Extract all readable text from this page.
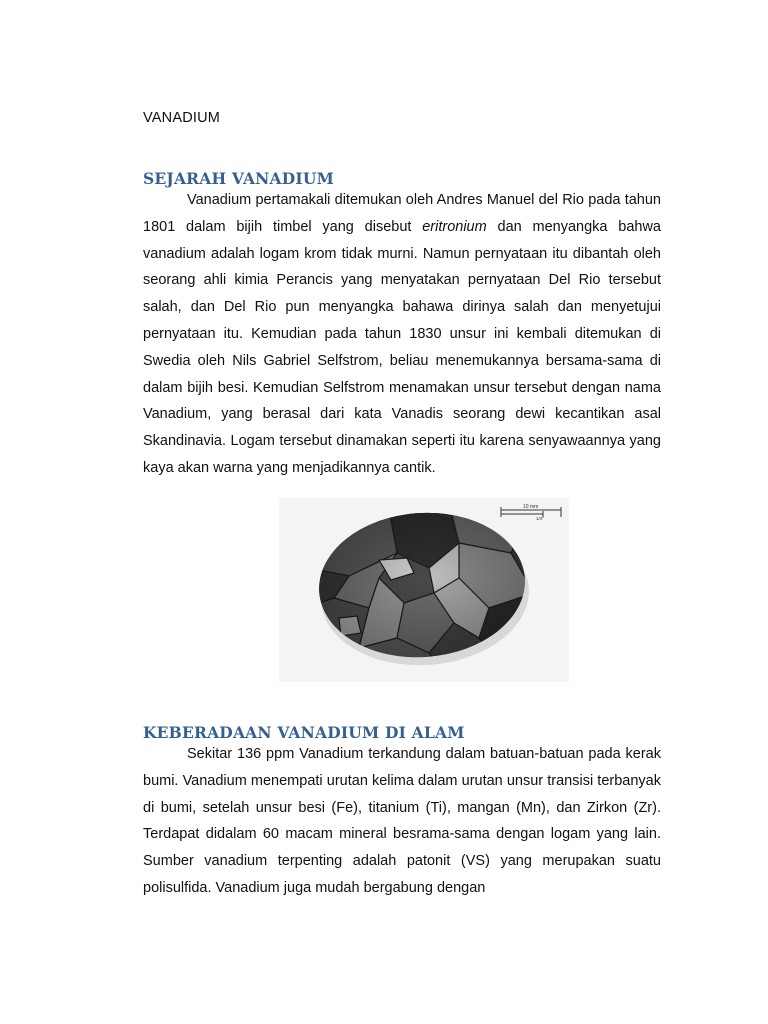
VANADIUM
SEJARAH VANADIUM

Vanadium pertamakali ditemukan oleh Andres Manuel del Rio pada tahun 1801 dalam bijih timbel yang disebut eritronium dan menyangka bahwa vanadium adalah logam krom tidak murni. Namun pernyataan itu dibantah oleh seorang ahli kimia Perancis yang menyatakan pernyataan Del Rio tersebut salah, dan Del Rio pun menyangka bahawa dirinya salah dan menyetujui pernyataan itu. Kemudian pada tahun 1830 unsur ini kembali ditemukan di Swedia oleh Nils Gabriel Selfstrom, beliau menemukannya bersama-sama di dalam bijih besi. Kemudian Selfstrom menamakan unsur tersebut dengan nama Vanadium, yang berasal dari kata Vanadis seorang dewi kecantikan asal Skandinavia. Logam tersebut dinamakan seperti itu karena senyawaannya yang kaya akan warna yang menjadikannya cantik.

10 mm
1/4"
KEBERADAAN VANADIUM DI ALAM

Sekitar 136 ppm Vanadium terkandung dalam batuan-batuan pada kerak bumi. Vanadium menempati urutan kelima dalam urutan unsur transisi terbanyak di bumi, setelah unsur besi (Fe), titanium (Ti), mangan (Mn), dan Zirkon (Zr). Terdapat didalam 60 macam mineral besrama-sama dengan logam yang lain. Sumber vanadium terpenting adalah patonit (VS) yang merupakan suatu polisulfida. Vanadium juga mudah bergabung dengan
